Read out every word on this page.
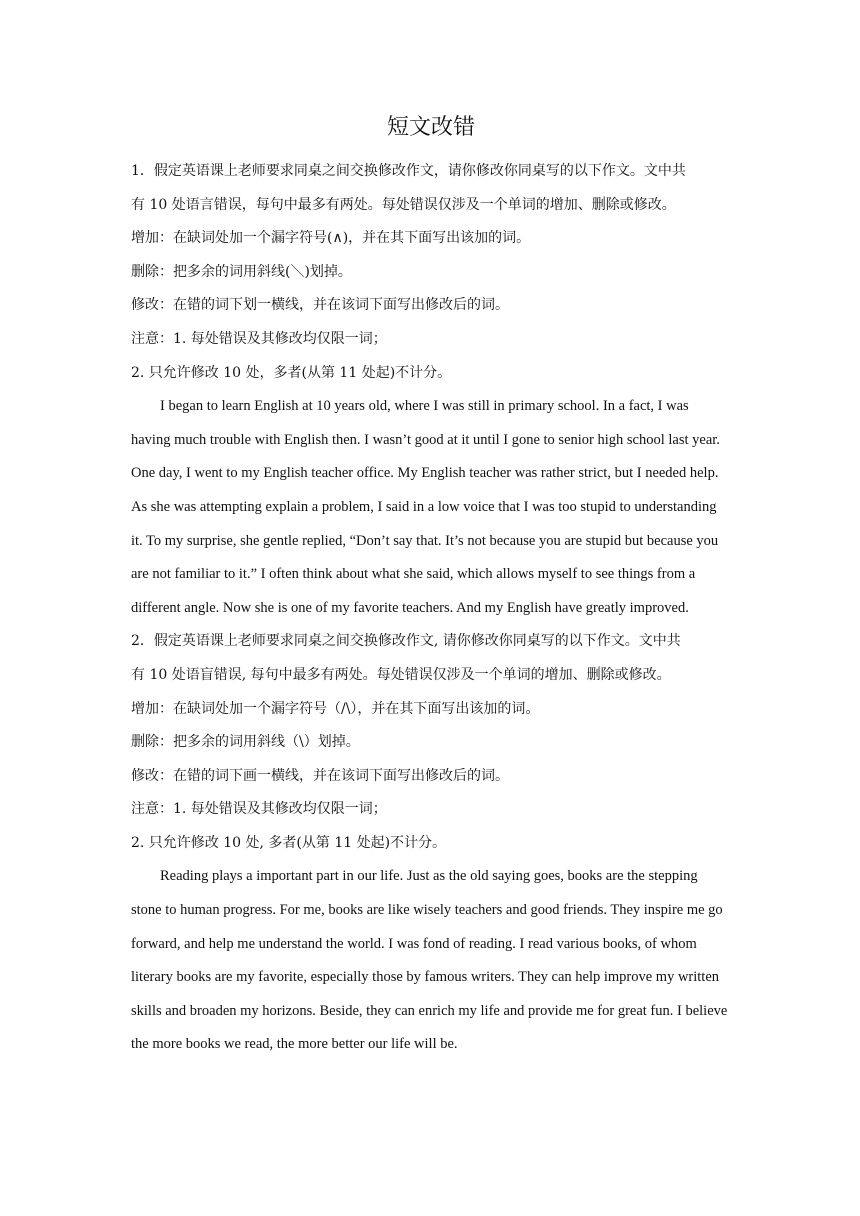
短文改错

1．假定英语课上老师要求同桌之间交换修改作文，请你修改你同桌写的以下作文。文中共

有 10 处语言错误，每句中最多有两处。每处错误仅涉及一个单词的增加、删除或修改。

增加：在缺词处加一个漏字符号(∧)，并在其下面写出该加的词。

删除：把多余的词用斜线(＼)划掉。

修改：在错的词下划一横线，并在该词下面写出修改后的词。

注意：1. 每处错误及其修改均仅限一词；

2. 只允许修改 10 处，多者(从第 11 处起)不计分。

I began to learn English at 10 years old, where I was still in primary school. In a fact, I was having much trouble with English then. I wasn’t good at it until I gone to senior high school last year. One day, I went to my English teacher office. My English teacher was rather strict, but I needed help. As she was attempting explain a problem, I said in a low voice that I was too stupid to understanding it. To my surprise, she gentle replied, “Don’t say that. It’s not because you are stupid but because you are not familiar to it.” I often think about what she said, which allows myself to see things from a different angle. Now she is one of my favorite teachers. And my English have greatly improved.

2．假定英语课上老师要求同桌之间交换修改作文, 请你修改你同桌写的以下作文。文中共

有 10 处语盲错误, 每句中最多有两处。每处错误仅涉及一个单词的增加、删除或修改。

增加：在缺词处加一个漏字符号（/\），并在其下面写出该加的词。

删除：把多余的词用斜线（\）划掉。

修改：在错的词下画一横线，并在该词下面写出修改后的词。

注意：1. 每处错误及其修改均仅限一词；

2. 只允许修改 10 处, 多者(从第 11 处起)不计分。

Reading plays a important part in our life. Just as the old saying goes, books are the stepping stone to human progress. For me, books are like wisely teachers and good friends. They inspire me go forward, and help me understand the world. I was fond of reading. I read various books, of whom literary books are my favorite, especially those by famous writers. They can help improve my written skills and broaden my horizons. Beside, they can enrich my life and provide me for great fun. I believe the more books we read, the more better our life will be.
